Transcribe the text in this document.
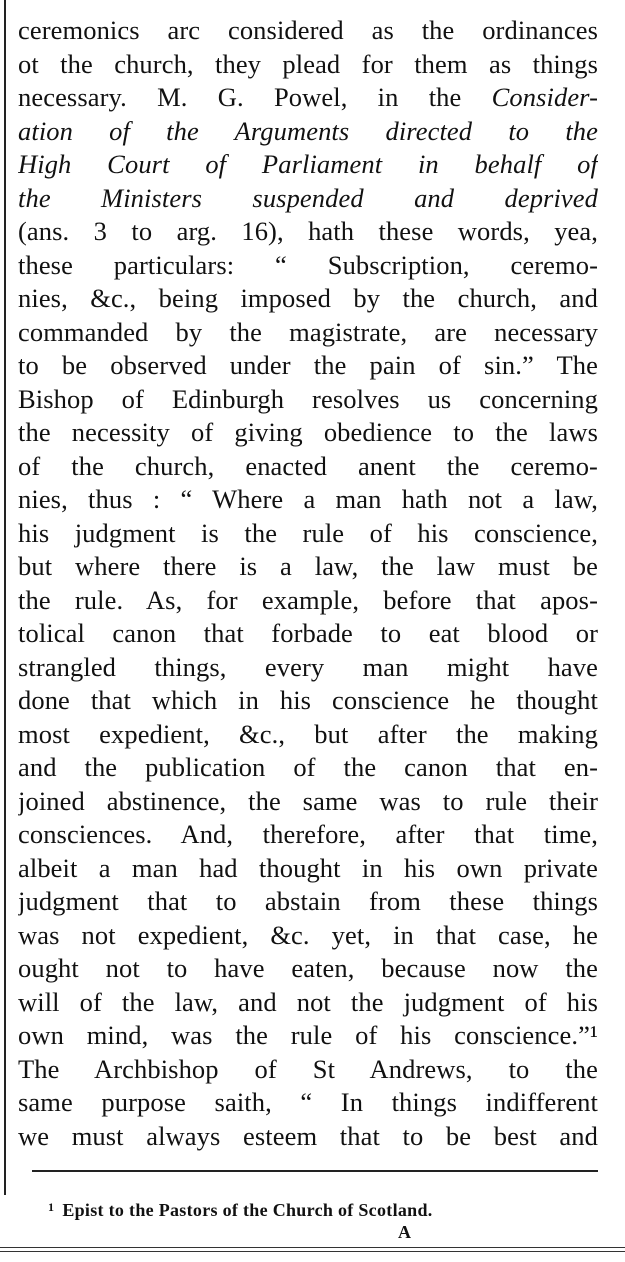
ceremonics arc considered as the ordinances
ot the church, they plead for them as things
necessary. M. G. Powel, in the Consider-
ation of the Arguments directed to the
High Court of Parliament in behalf of
the Ministers suspended and deprived
(ans. 3 to arg. 16), hath these words, yea,
these particulars: “ Subscription, ceremo-
nies, &c., being imposed by the church, and
commanded by the magistrate, are necessary
to be observed under the pain of sin.” The
Bishop of Edinburgh resolves us concerning
the necessity of giving obedience to the laws
of the church, enacted anent the ceremo-
nies, thus : “ Where a man hath not a law,
his judgment is the rule of his conscience,
but where there is a law, the law must be
the rule. As, for example, before that apos-
tolical canon that forbade to eat blood or
strangled things, every man might have
done that which in his conscience he thought
most expedient, &c., but after the making
and the publication of the canon that en-
joined abstinence, the same was to rule their
consciences. And, therefore, after that time,
albeit a man had thought in his own private
judgment that to abstain from these things
was not expedient, &c. yet, in that case, he
ought not to have eaten, because now the
will of the law, and not the judgment of his
own mind, was the rule of his conscience.”¹
The Archbishop of St Andrews, to the
same purpose saith, “ In things indifferent
we must always esteem that to be best and
$^1$ Epist to the Pastors of the Church of Scotland.
A
